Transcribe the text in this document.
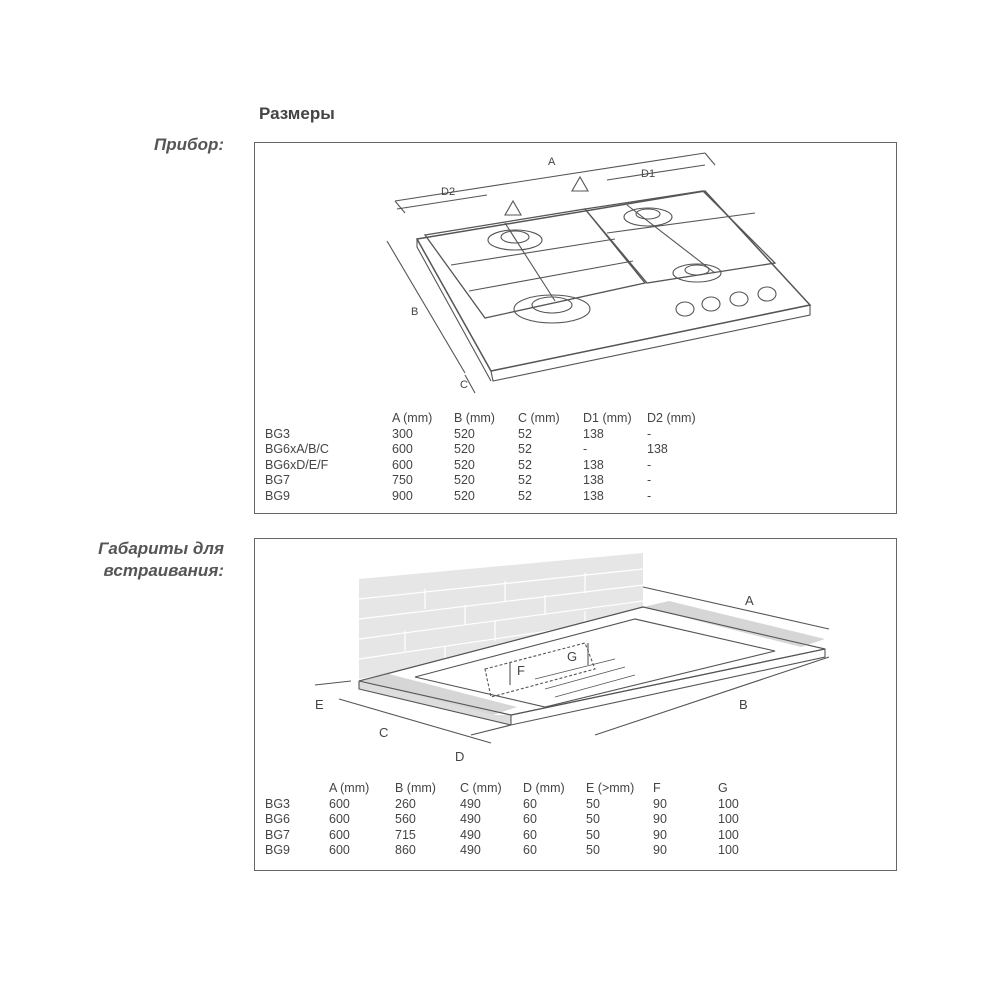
Размеры
Прибор:
Габариты для
встраивания:
A
D2
D1
B
C
A (mm) B (mm) C (mm) D1 (mm) D2 (mm)
BG3	300	520	52	138	-
BG6xA/B/C	600	520	52	-	138
BG6xD/E/F	600	520	52	138	-
BG7	750	520	52	138	-
BG9	900	520	52	138	-
A
B
C
D
E
F
G
A (mm) B (mm) C (mm) D (mm) E (>mm) F	G
BG3	600	260	490	60	50	90	100
BG6	600	560	490	60	50	90	100
BG7	600	715	490	60	50	90	100
BG9	600	860	490	60	50	90	100
